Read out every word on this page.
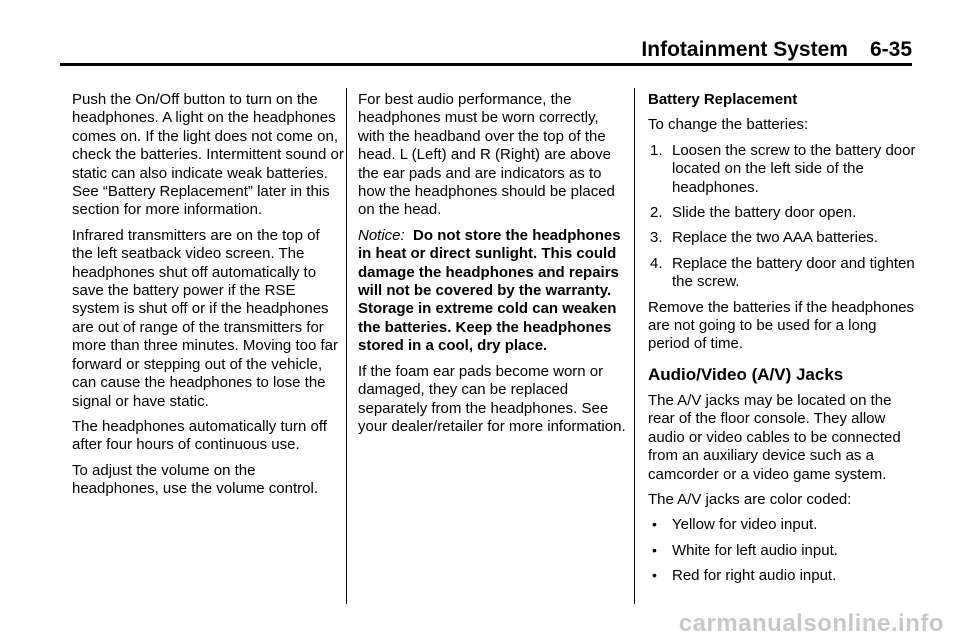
Infotainment System 6-35

Push the On/Off button to turn on the headphones. A light on the headphones comes on. If the light does not come on, check the batteries. Intermittent sound or static can also indicate weak batteries. See “Battery Replacement” later in this section for more information.

Infrared transmitters are on the top of the left seatback video screen. The headphones shut off automatically to save the battery power if the RSE system is shut off or if the headphones are out of range of the transmitters for more than three minutes. Moving too far forward or stepping out of the vehicle, can cause the headphones to lose the signal or have static.

The headphones automatically turn off after four hours of continuous use.

To adjust the volume on the headphones, use the volume control.

For best audio performance, the headphones must be worn correctly, with the headband over the top of the head. L (Left) and R (Right) are above the ear pads and are indicators as to how the headphones should be placed on the head.

Notice: Do not store the headphones in heat or direct sunlight. This could damage the headphones and repairs will not be covered by the warranty. Storage in extreme cold can weaken the batteries. Keep the headphones stored in a cool, dry place.

If the foam ear pads become worn or damaged, they can be replaced separately from the headphones. See your dealer/retailer for more information.

Battery Replacement

To change the batteries:

1. Loosen the screw to the battery door located on the left side of the headphones.
2. Slide the battery door open.
3. Replace the two AAA batteries.
4. Replace the battery door and tighten the screw.

Remove the batteries if the headphones are not going to be used for a long period of time.

Audio/Video (A/V) Jacks

The A/V jacks may be located on the rear of the floor console. They allow audio or video cables to be connected from an auxiliary device such as a camcorder or a video game system.

The A/V jacks are color coded:

• Yellow for video input.
• White for left audio input.
• Red for right audio input.
carmanualsonline.info
